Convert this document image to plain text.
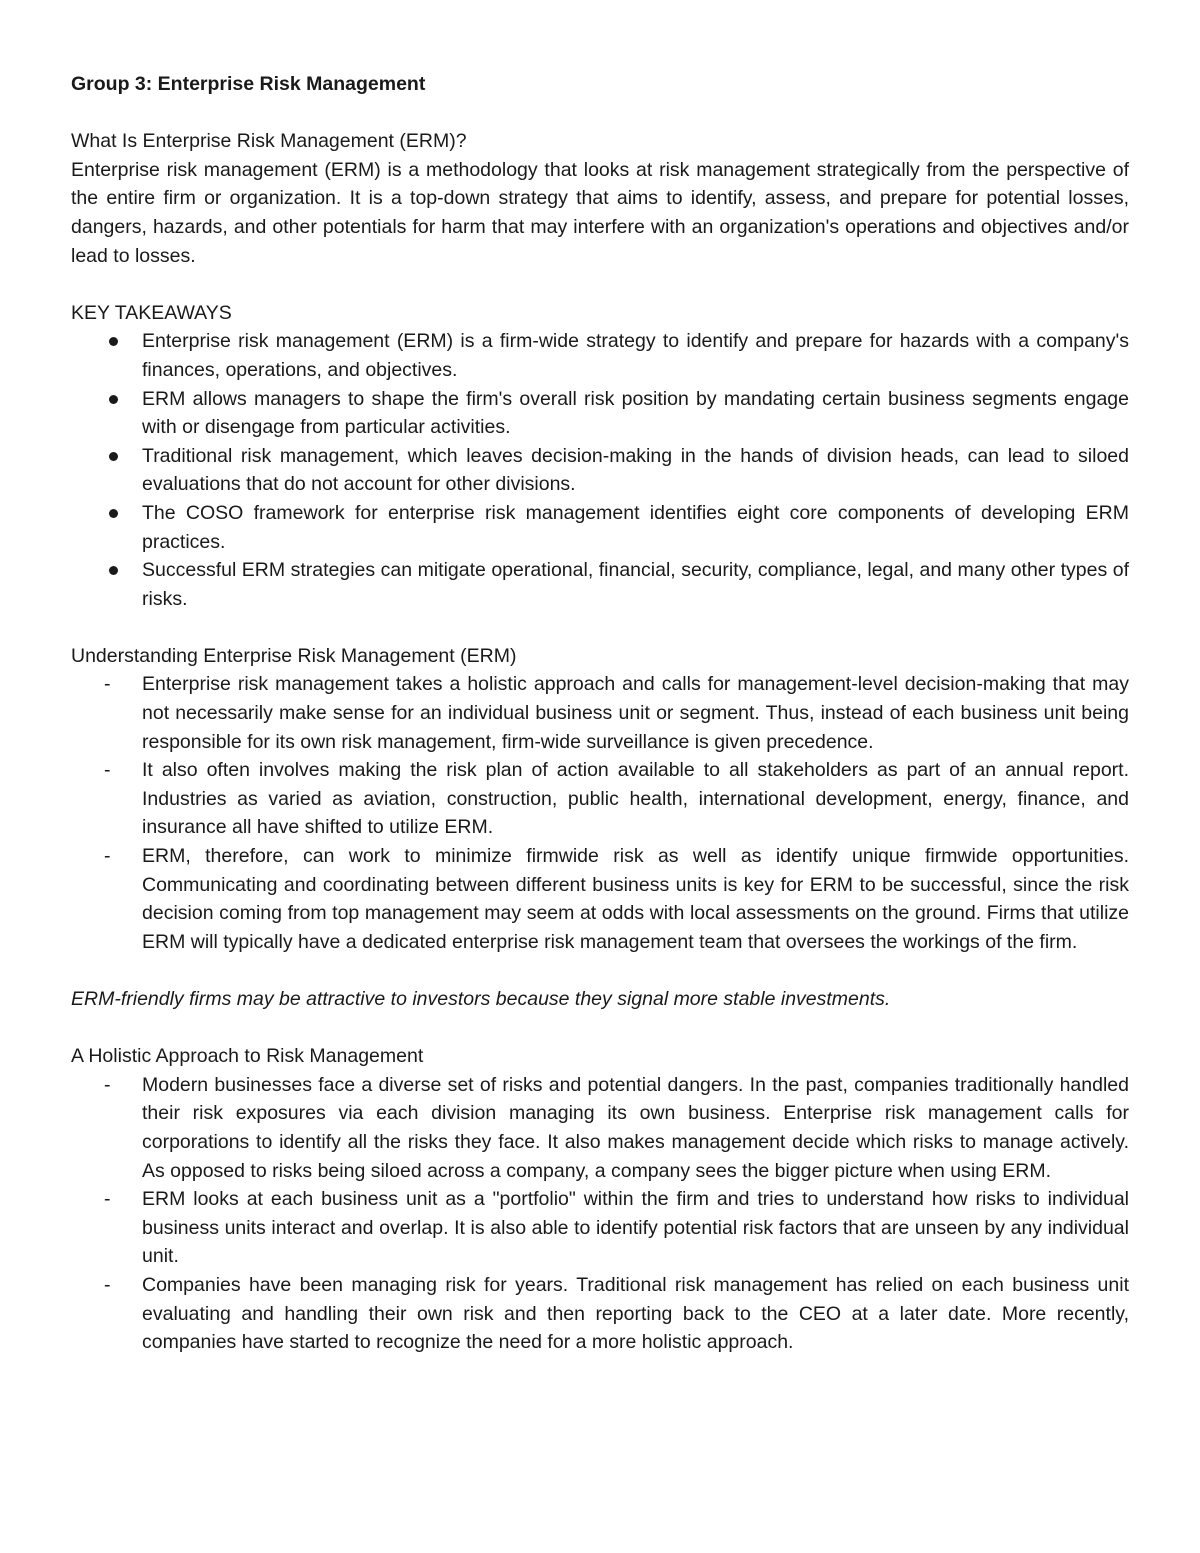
Group 3: Enterprise Risk Management
What Is Enterprise Risk Management (ERM)?

Enterprise risk management (ERM) is a methodology that looks at risk management strategically from the perspective of the entire firm or organization. It is a top-down strategy that aims to identify, assess, and prepare for potential losses, dangers, hazards, and other potentials for harm that may interfere with an organization's operations and objectives and/or lead to losses.

KEY TAKEAWAYS
Enterprise risk management (ERM) is a firm-wide strategy to identify and prepare for hazards with a company's finances, operations, and objectives.
ERM allows managers to shape the firm's overall risk position by mandating certain business segments engage with or disengage from particular activities.
Traditional risk management, which leaves decision-making in the hands of division heads, can lead to siloed evaluations that do not account for other divisions.
The COSO framework for enterprise risk management identifies eight core components of developing ERM practices.
Successful ERM strategies can mitigate operational, financial, security, compliance, legal, and many other types of risks.
Understanding Enterprise Risk Management (ERM)
-	Enterprise risk management takes a holistic approach and calls for management-level decision-making that may not necessarily make sense for an individual business unit or segment. Thus, instead of each business unit being responsible for its own risk management, firm-wide surveillance is given precedence.
-	It also often involves making the risk plan of action available to all stakeholders as part of an annual report. Industries as varied as aviation, construction, public health, international development, energy, finance, and insurance all have shifted to utilize ERM.
-	ERM, therefore, can work to minimize firmwide risk as well as identify unique firmwide opportunities. Communicating and coordinating between different business units is key for ERM to be successful, since the risk decision coming from top management may seem at odds with local assessments on the ground. Firms that utilize ERM will typically have a dedicated enterprise risk management team that oversees the workings of the firm.

ERM-friendly firms may be attractive to investors because they signal more stable investments.

A Holistic Approach to Risk Management
-	Modern businesses face a diverse set of risks and potential dangers. In the past, companies traditionally handled their risk exposures via each division managing its own business. Enterprise risk management calls for corporations to identify all the risks they face. It also makes management decide which risks to manage actively. As opposed to risks being siloed across a company, a company sees the bigger picture when using ERM.
-	ERM looks at each business unit as a "portfolio" within the firm and tries to understand how risks to individual business units interact and overlap. It is also able to identify potential risk factors that are unseen by any individual unit.
-	Companies have been managing risk for years. Traditional risk management has relied on each business unit evaluating and handling their own risk and then reporting back to the CEO at a later date. More recently, companies have started to recognize the need for a more holistic approach.
